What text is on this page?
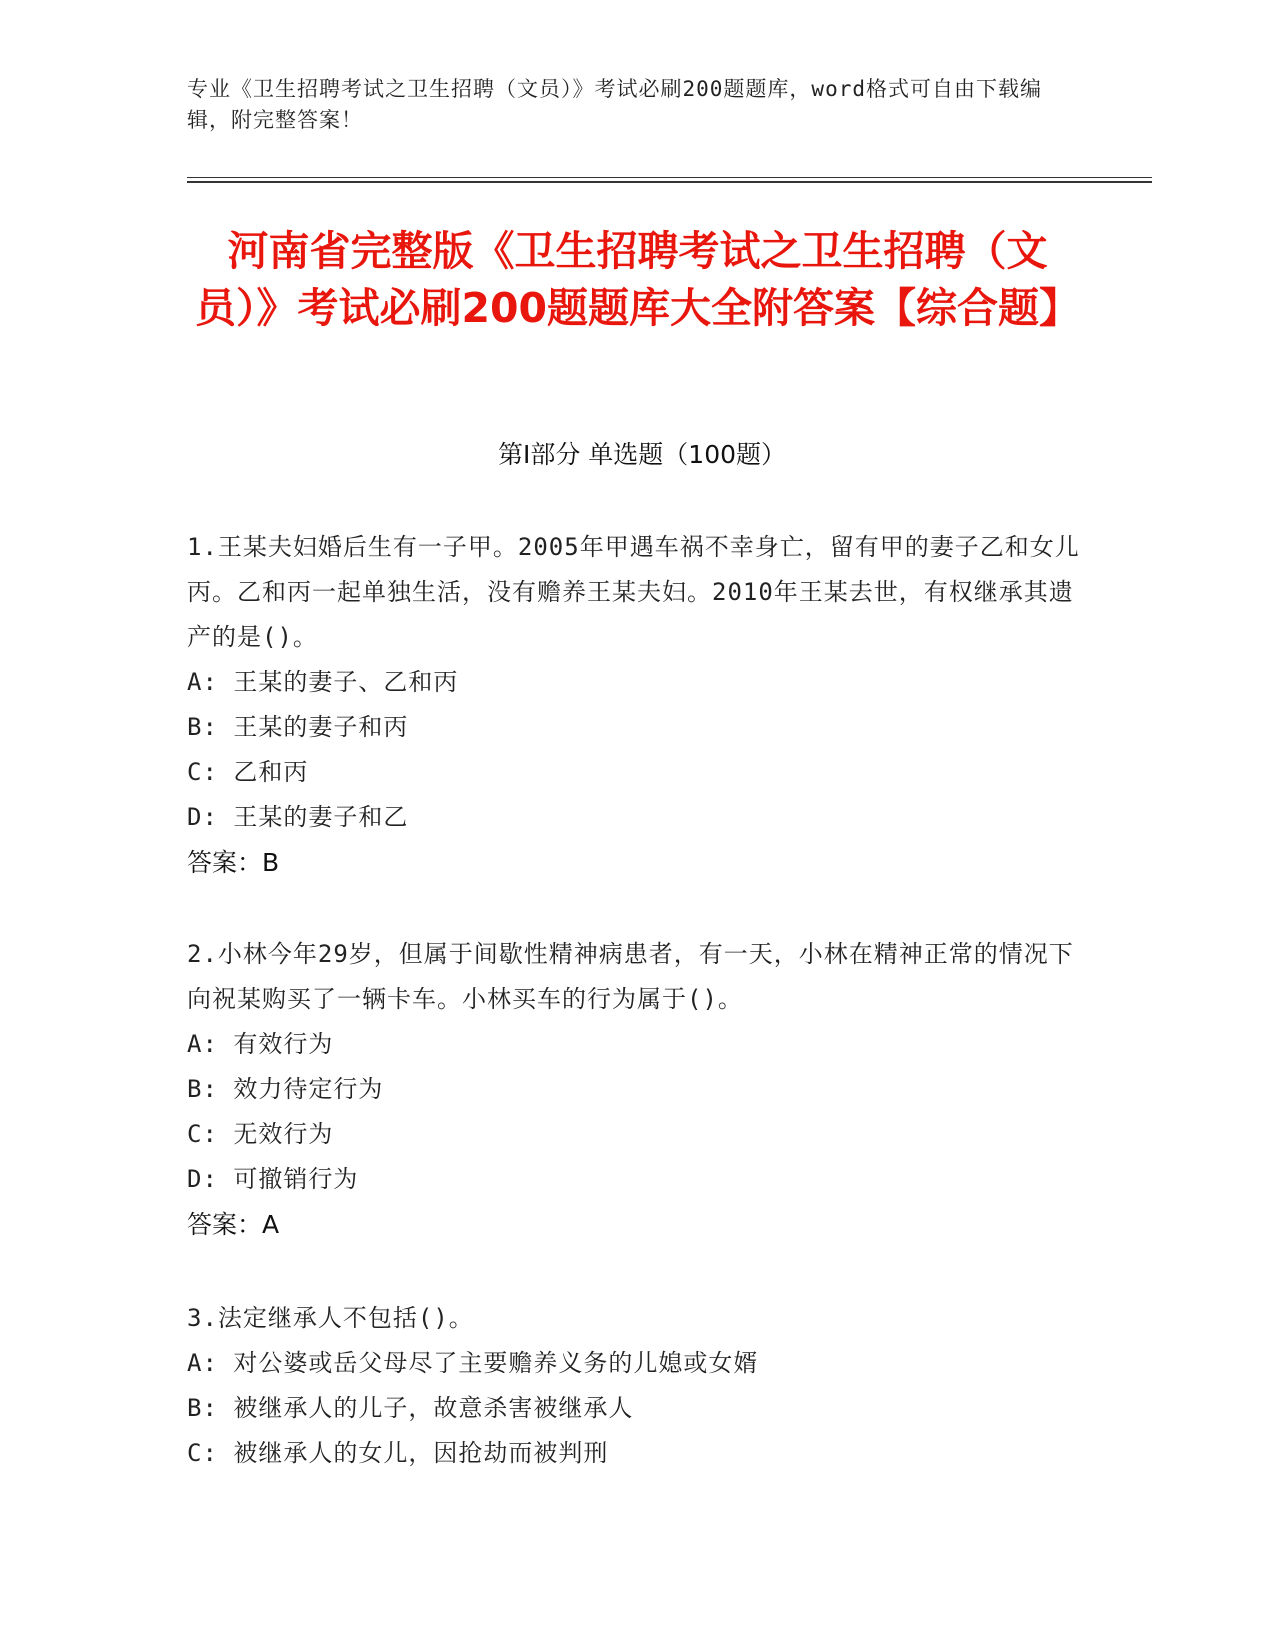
专业《卫生招聘考试之卫生招聘（文员）》考试必刷200题题库，word格式可自由下载编辑，附完整答案！
河南省完整版《卫生招聘考试之卫生招聘（文员）》考试必刷200题题库大全附答案【综合题】
第Ⅰ部分 单选题（100题）
1.王某夫妇婚后生有一子甲。2005年甲遇车祸不幸身亡，留有甲的妻子乙和女儿丙。乙和丙一起单独生活，没有赡养王某夫妇。2010年王某去世，有权继承其遗产的是()。
A: 王某的妻子、乙和丙
B: 王某的妻子和丙
C: 乙和丙
D: 王某的妻子和乙
答案：B
2.小林今年29岁，但属于间歇性精神病患者，有一天，小林在精神正常的情况下向祝某购买了一辆卡车。小林买车的行为属于()。
A: 有效行为
B: 效力待定行为
C: 无效行为
D: 可撤销行为
答案：A
3.法定继承人不包括()。
A: 对公婆或岳父母尽了主要赡养义务的儿媳或女婿
B: 被继承人的儿子，故意杀害被继承人
C: 被继承人的女儿，因抢劫而被判刑
